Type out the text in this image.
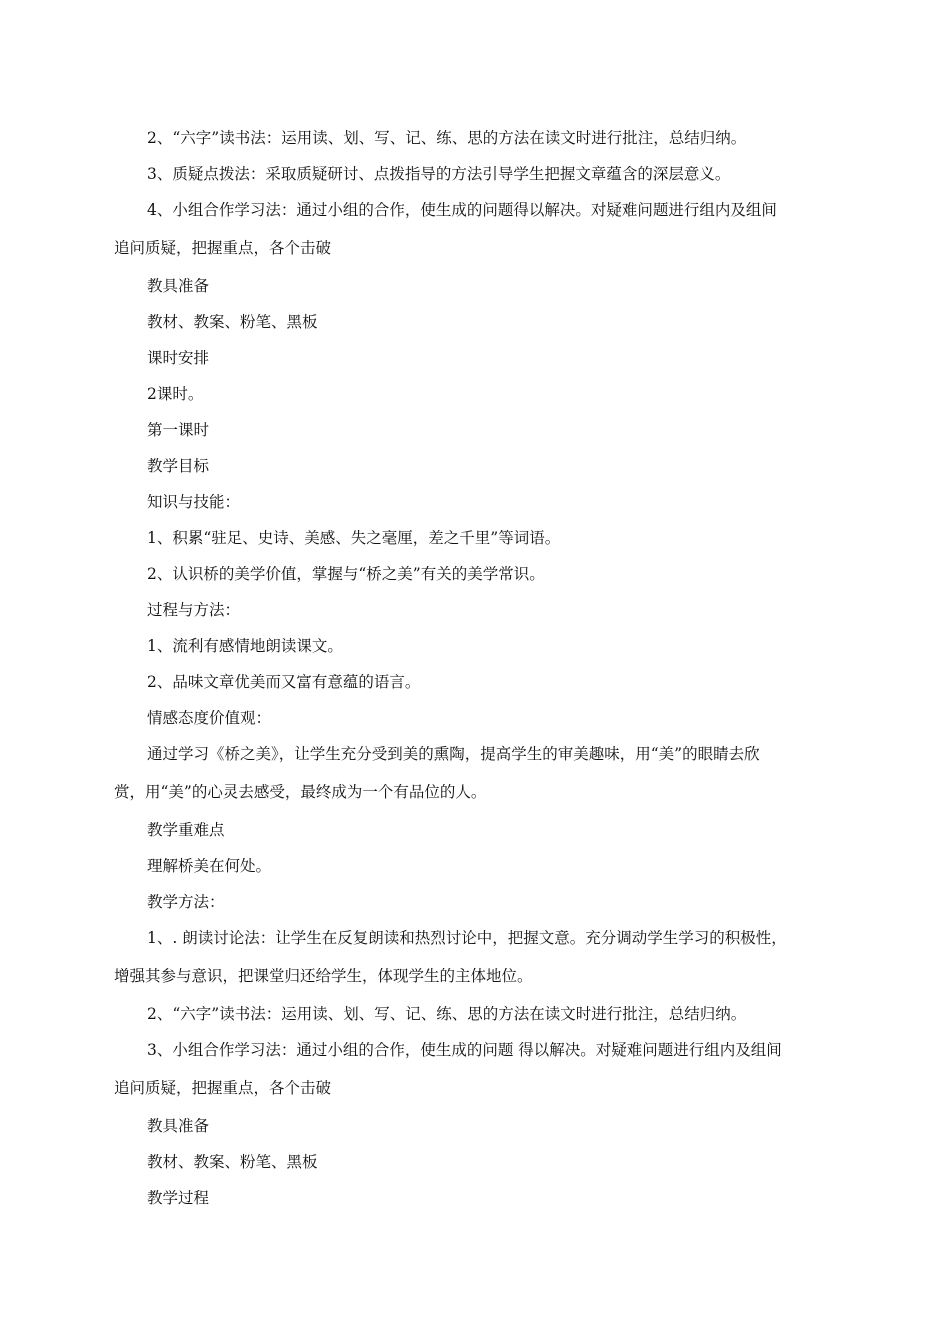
2、“六字”读书法：运用读、划、写、记、练、思的方法在读文时进行批注，总结归纳。

3、质疑点拨法：采取质疑研讨、点拨指导的方法引导学生把握文章蕴含的深层意义。

4、小组合作学习法：通过小组的合作，使生成的问题得以解决。对疑难问题进行组内及组间

追问质疑，把握重点，各个击破

教具准备

教材、教案、粉笔、黑板

课时安排

2课时。

第一课时

教学目标

知识与技能：

1、积累“驻足、史诗、美感、失之毫厘，差之千里”等词语。

2、认识桥的美学价值，掌握与“桥之美”有关的美学常识。

过程与方法：

1、流利有感情地朗读课文。

2、品味文章优美而又富有意蕴的语言。

情感态度价值观：

通过学习《桥之美》，让学生充分受到美的熏陶，提高学生的审美趣味，用“美”的眼睛去欣

赏，用“美”的心灵去感受，最终成为一个有品位的人。

教学重难点

理解桥美在何处。

教学方法：

1、. 朗读讨论法：让学生在反复朗读和热烈讨论中，把握文意。充分调动学生学习的积极性，

增强其参与意识，把课堂归还给学生，体现学生的主体地位。

2、“六字”读书法：运用读、划、写、记、练、思的方法在读文时进行批注，总结归纳。

3、小组合作学习法：通过小组的合作，使生成的问题 得以解决。对疑难问题进行组内及组间

追问质疑，把握重点，各个击破

教具准备

教材、教案、粉笔、黑板

教学过程
